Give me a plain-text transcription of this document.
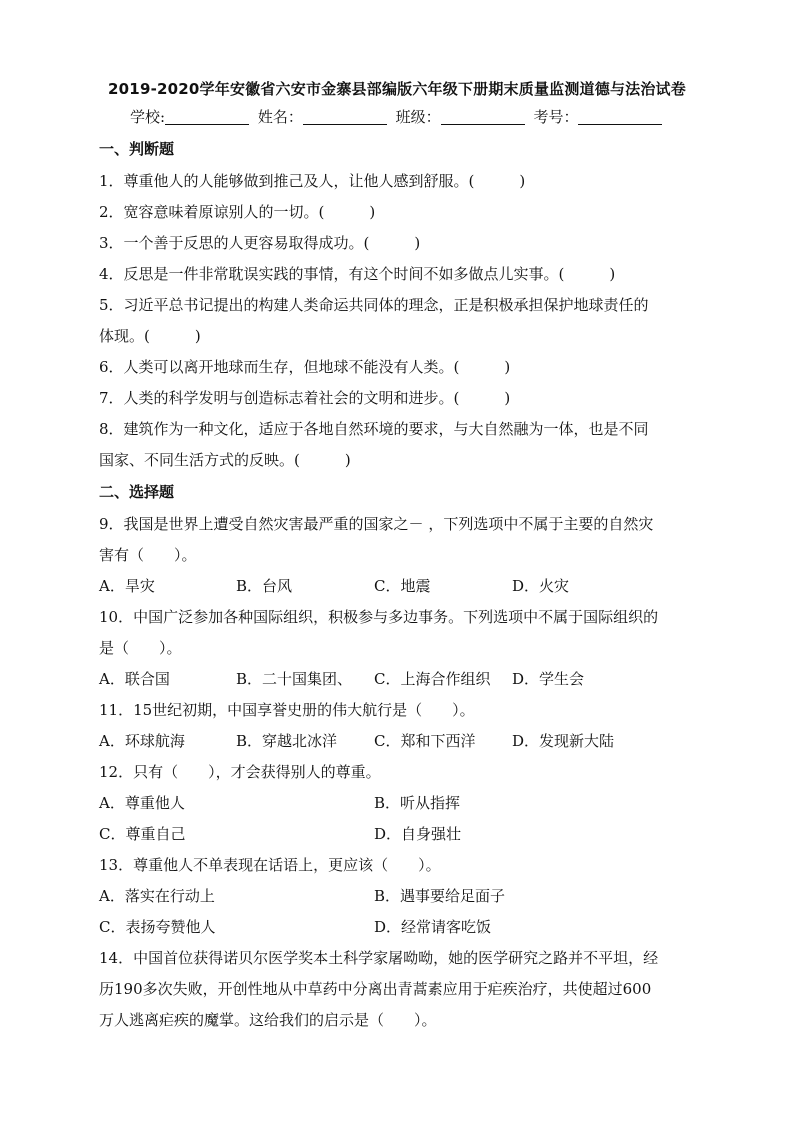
2019-2020学年安徽省六安市金寨县部编版六年级下册期末质量监测道德与法治试卷
学校:	姓名：	班级：	考号：
一、判断题
1．尊重他人的人能够做到推己及人，让他人感到舒服。(　　　)
2．宽容意味着原谅别人的一切。(　　　)
3．一个善于反思的人更容易取得成功。(　　　)
4．反思是一件非常耽误实践的事情，有这个时间不如多做点儿实事。(　　　)
5．习近平总书记提出的构建人类命运共同体的理念，正是积极承担保护地球责任的
体现。(　　　)
6．人类可以离开地球而生存，但地球不能没有人类。(　　　)
7．人类的科学发明与创造标志着社会的文明和进步。(　　　)
8．建筑作为一种文化，适应于各地自然环境的要求，与大自然融为一体，也是不同
国家、不同生活方式的反映。(　　　)
二、选择题
9．我国是世界上遭受自然灾害最严重的国家之－ ，下列选项中不属于主要的自然灾
害有（　　）。
A．旱灾	B．台风	C．地震	D．火灾
10．中国广泛参加各种国际组织，积极参与多边事务。下列选项中不属于国际组织的
是（　　）。
A．联合国	B．二十国集团、 C．上海合作组织 D．学生会
11．15世纪初期，中国享誉史册的伟大航行是（　　）。
A．环球航海	B．穿越北冰洋 C．郑和下西洋 D．发现新大陆
12．只有（　　），才会获得别人的尊重。
A．尊重他人	B．听从指挥
C．尊重自己	D．自身强壮
13．尊重他人不单表现在话语上，更应该（　　）。
A．落实在行动上	B．遇事要给足面子
C．表扬夸赞他人	D．经常请客吃饭
14．中国首位获得诺贝尔医学奖本土科学家屠呦呦，她的医学研究之路并不平坦，经
历190多次失败，开创性地从中草药中分离出青蒿素应用于疟疾治疗，共使超过600
万人逃离疟疾的魔掌。这给我们的启示是（　　）。
